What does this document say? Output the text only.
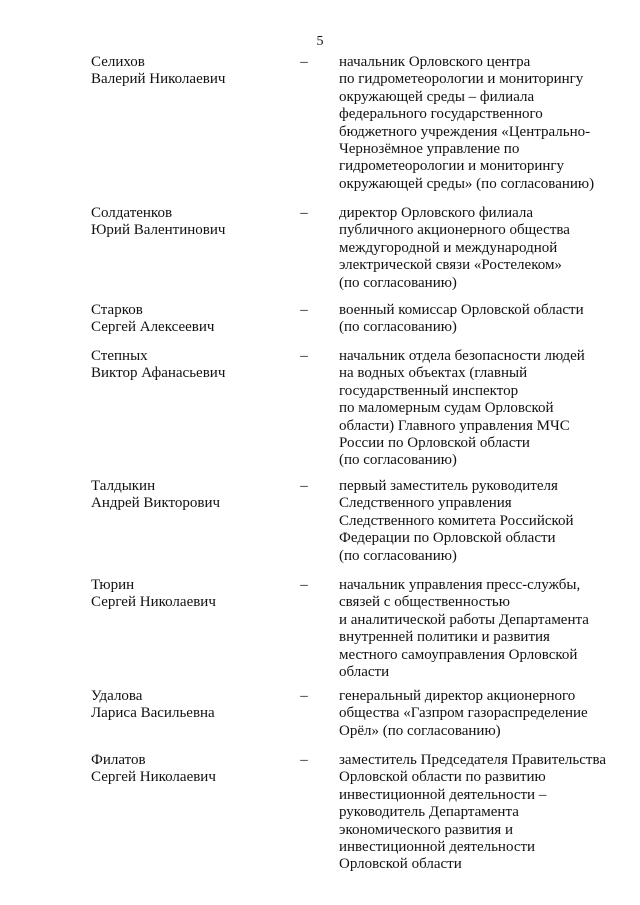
5
Селихов
Валерий Николаевич
– начальник Орловского центра
по гидрометеорологии и мониторингу
окружающей среды – филиала
федерального государственного
бюджетного учреждения «Центрально-
Чернозёмное управление по
гидрометеорологии и мониторингу
окружающей среды» (по согласованию)
Солдатенков
Юрий Валентинович
– директор Орловского филиала
публичного акционерного общества
междугородной и международной
электрической связи «Ростелеком»
(по согласованию)
Старков
Сергей Алексеевич
– военный комиссар Орловской области
(по согласованию)
Степных
Виктор Афанасьевич
– начальник отдела безопасности людей
на водных объектах (главный
государственный инспектор
по маломерным судам Орловской
области) Главного управления МЧС
России по Орловской области
(по согласованию)
Талдыкин
Андрей Викторович
– первый заместитель руководителя
Следственного управления
Следственного комитета Российской
Федерации по Орловской области
(по согласованию)
Тюрин
Сергей Николаевич
– начальник управления пресс-службы,
связей с общественностью
и аналитической работы Департамента
внутренней политики и развития
местного самоуправления Орловской
области
Удалова
Лариса Васильевна
– генеральный директор акционерного
общества «Газпром газораспределение
Орёл» (по согласованию)
Филатов
Сергей Николаевич
– заместитель Председателя Правительства
Орловской области по развитию
инвестиционной деятельности –
руководитель Департамента
экономического развития и
инвестиционной деятельности
Орловской области
